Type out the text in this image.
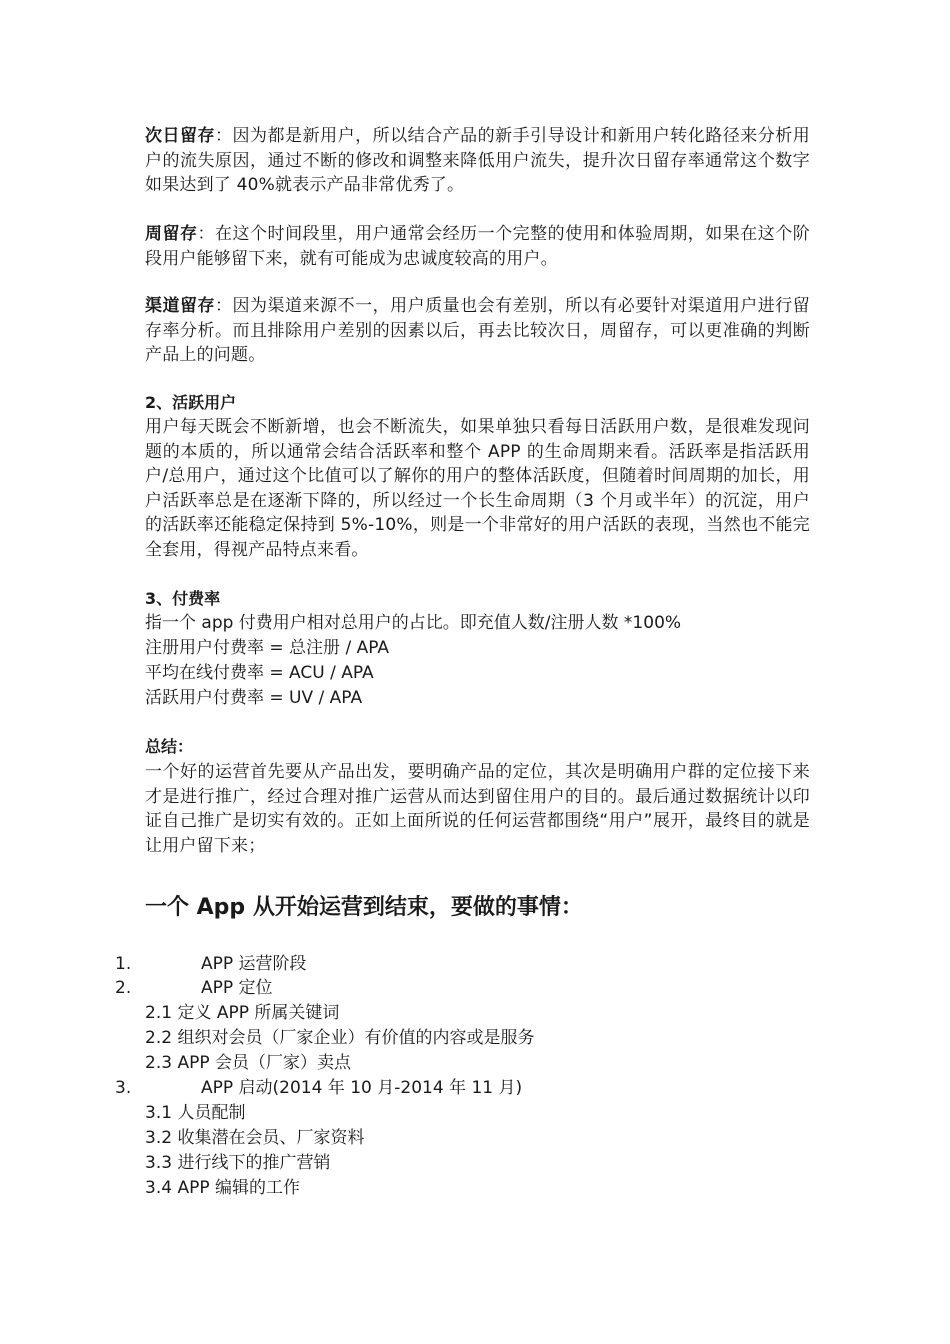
次日留存：因为都是新用户，所以结合产品的新手引导设计和新用户转化路径来分析用户的流失原因，通过不断的修改和调整来降低用户流失，提升次日留存率通常这个数字如果达到了 40%就表示产品非常优秀了。
周留存：在这个时间段里，用户通常会经历一个完整的使用和体验周期，如果在这个阶段用户能够留下来，就有可能成为忠诚度较高的用户。
渠道留存：因为渠道来源不一，用户质量也会有差别，所以有必要针对渠道用户进行留存率分析。而且排除用户差别的因素以后，再去比较次日，周留存，可以更准确的判断产品上的问题。
2、活跃用户
用户每天既会不断新增，也会不断流失，如果单独只看每日活跃用户数，是很难发现问题的本质的，所以通常会结合活跃率和整个 APP 的生命周期来看。活跃率是指活跃用户/总用户，通过这个比值可以了解你的用户的整体活跃度，但随着时间周期的加长，用户活跃率总是在逐渐下降的，所以经过一个长生命周期（3 个月或半年）的沉淀，用户的活跃率还能稳定保持到 5%-10%，则是一个非常好的用户活跃的表现，当然也不能完全套用，得视产品特点来看。
3、付费率
指一个 app 付费用户相对总用户的占比。即充值人数/注册人数 *100%
注册用户付费率 = 总注册 / APA
平均在线付费率 = ACU / APA
活跃用户付费率 = UV / APA
总结：
一个好的运营首先要从产品出发，要明确产品的定位，其次是明确用户群的定位接下来才是进行推广，经过合理对推广运营从而达到留住用户的目的。最后通过数据统计以印证自己推广是切实有效的。正如上面所说的任何运营都围绕“用户”展开，最终目的就是让用户留下来；
一个 App 从开始运营到结束，要做的事情：
1.	APP 运营阶段
2.	APP 定位
2.1 定义 APP 所属关键词
2.2 组织对会员（厂家企业）有价值的内容或是服务
2.3 APP 会员（厂家）卖点
3.	APP 启动(2014 年 10 月-2014 年 11 月)
3.1 人员配制
3.2 收集潜在会员、厂家资料
3.3 进行线下的推广营销
3.4 APP 编辑的工作
